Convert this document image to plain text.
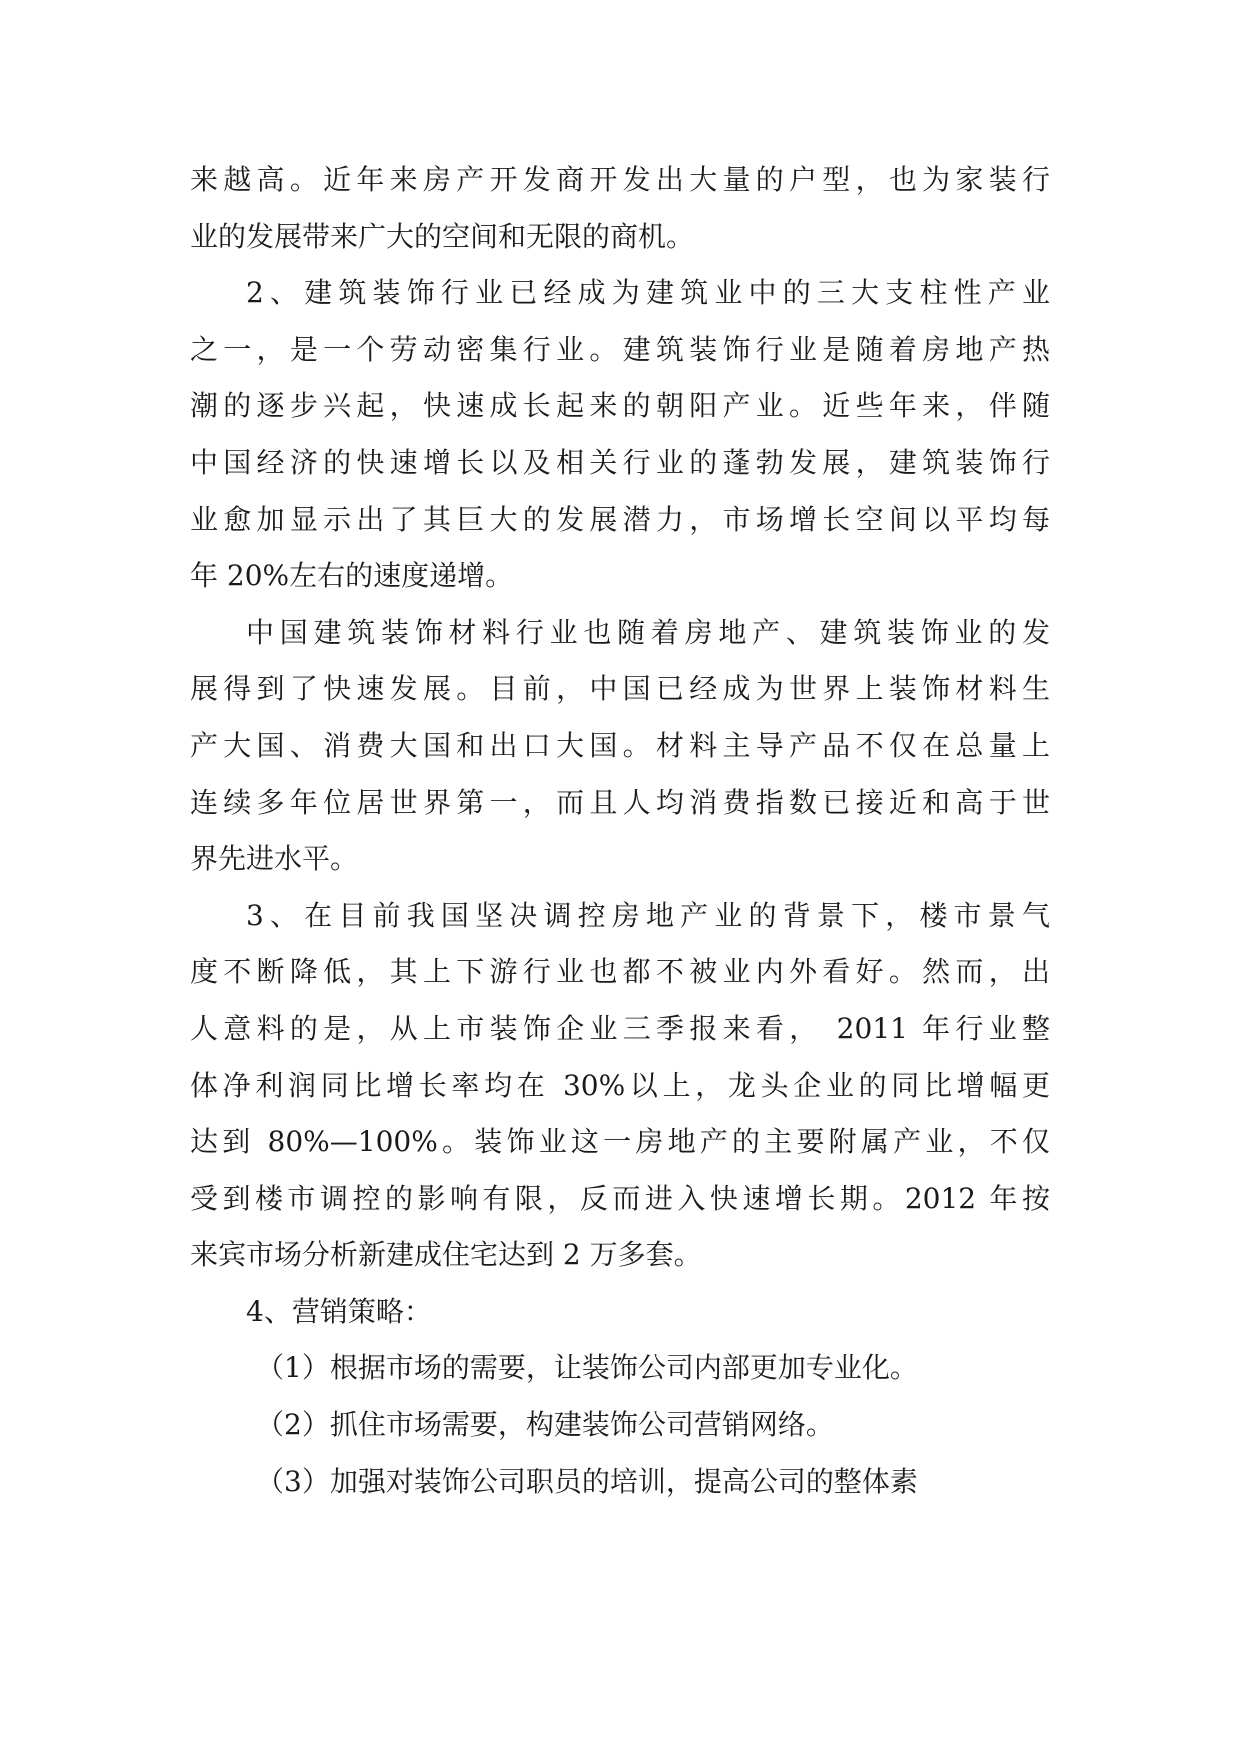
来越高。近年来房产开发商开发出大量的户型，也为家装行
业的发展带来广大的空间和无限的商机。
2、建筑装饰行业已经成为建筑业中的三大支柱性产业
之一，是一个劳动密集行业。建筑装饰行业是随着房地产热
潮的逐步兴起，快速成长起来的朝阳产业。近些年来，伴随
中国经济的快速增长以及相关行业的蓬勃发展，建筑装饰行
业愈加显示出了其巨大的发展潜力，市场增长空间以平均每
年 20%左右的速度递增。
中国建筑装饰材料行业也随着房地产、建筑装饰业的发
展得到了快速发展。目前，中国已经成为世界上装饰材料生
产大国、消费大国和出口大国。材料主导产品不仅在总量上
连续多年位居世界第一，而且人均消费指数已接近和高于世
界先进水平。
3、在目前我国坚决调控房地产业的背景下，楼市景气
度不断降低，其上下游行业也都不被业内外看好。然而，出
人意料的是，从上市装饰企业三季报来看， 2011 年行业整
体净利润同比增长率均在 30%以上，龙头企业的同比增幅更
达到 80%—100%。装饰业这一房地产的主要附属产业，不仅
受到楼市调控的影响有限，反而进入快速增长期。2012 年按
来宾市场分析新建成住宅达到 2 万多套。
4、营销策略：
（1）根据市场的需要，让装饰公司内部更加专业化。
（2）抓住市场需要，构建装饰公司营销网络。
（3）加强对装饰公司职员的培训，提高公司的整体素
